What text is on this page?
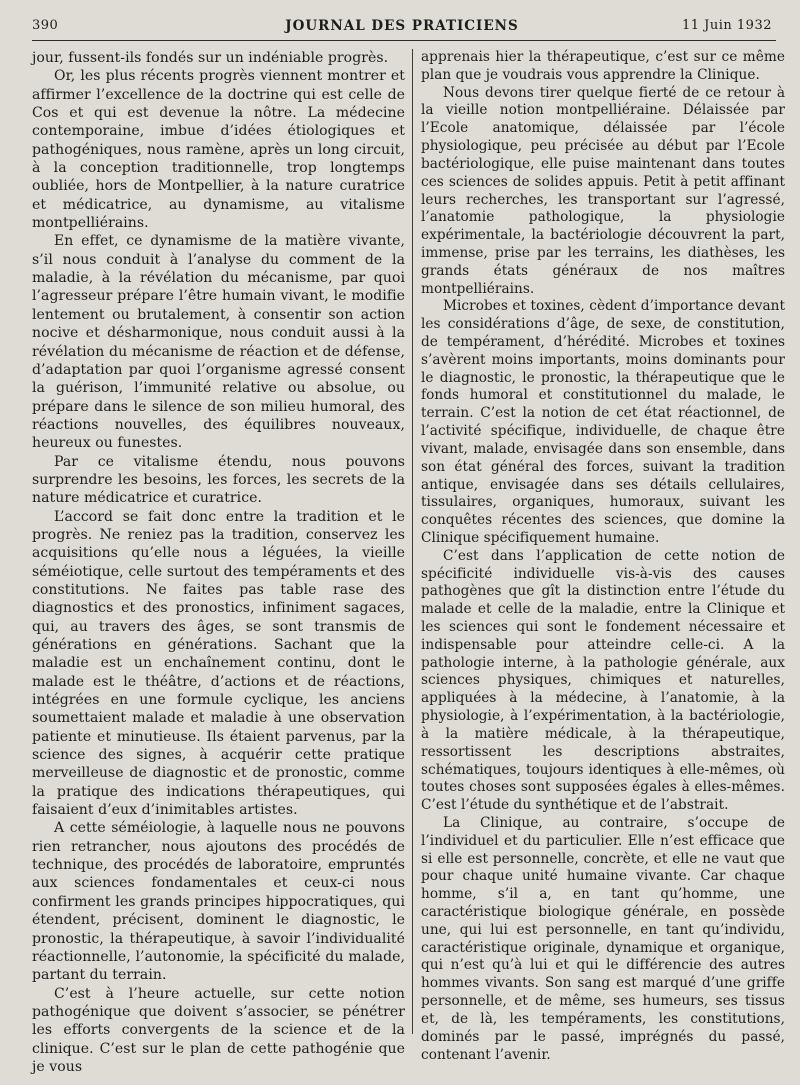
390	JOURNAL DES PRATICIENS	11 Juin 1932

jour, fussent-ils fondés sur un indéniable progrès.

Or, les plus récents progrès viennent montrer et affirmer l’excellence de la doctrine qui est celle de Cos et qui est devenue la nôtre. La médecine contemporaine, imbue d’idées étiologiques et pathogéniques, nous ramène, après un long circuit, à la conception traditionnelle, trop longtemps oubliée, hors de Montpellier, à la nature curatrice et médicatrice, au dynamisme, au vitalisme montpelliérains.

En effet, ce dynamisme de la matière vivante, s’il nous conduit à l’analyse du comment de la maladie, à la révélation du mécanisme, par quoi l’agresseur prépare l’être humain vivant, le modifie lentement ou brutalement, à consentir son action nocive et désharmonique, nous conduit aussi à la révélation du mécanisme de réaction et de défense, d’adaptation par quoi l’organisme agressé consent la guérison, l’immunité relative ou absolue, ou prépare dans le silence de son milieu humoral, des réactions nouvelles, des équilibres nouveaux, heureux ou funestes.

Par ce vitalisme étendu, nous pouvons surprendre les besoins, les forces, les secrets de la nature médicatrice et curatrice.

L’accord se fait donc entre la tradition et le progrès. Ne reniez pas la tradition, conservez les acquisitions qu’elle nous a léguées, la vieille séméiotique, celle surtout des tempéraments et des constitutions. Ne faites pas table rase des diagnostics et des pronostics, infiniment sagaces, qui, au travers des âges, se sont transmis de générations en générations. Sachant que la maladie est un enchaînement continu, dont le malade est le théâtre, d’actions et de réactions, intégrées en une formule cyclique, les anciens soumettaient malade et maladie à une observation patiente et minutieuse. Ils étaient parvenus, par la science des signes, à acquérir cette pratique merveilleuse de diagnostic et de pronostic, comme la pratique des indications thérapeutiques, qui faisaient d’eux d’inimitables artistes.

A cette séméiologie, à laquelle nous ne pouvons rien retrancher, nous ajoutons des procédés de technique, des procédés de laboratoire, empruntés aux sciences fondamentales et ceux-ci nous confirment les grands principes hippocratiques, qui étendent, précisent, dominent le diagnostic, le pronostic, la thérapeutique, à savoir l’individualité réactionnelle, l’autonomie, la spécificité du malade, partant du terrain.

C’est à l’heure actuelle, sur cette notion pathogénique que doivent s’associer, se pénétrer les efforts convergents de la science et de la clinique. C’est sur le plan de cette pathogénie que je vous

apprenais hier la thérapeutique, c’est sur ce même plan que je voudrais vous apprendre la Clinique.

Nous devons tirer quelque fierté de ce retour à la vieille notion montpelliéraine. Délaissée par l’Ecole anatomique, délaissée par l’école physiologique, peu précisée au début par l’Ecole bactériologique, elle puise maintenant dans toutes ces sciences de solides appuis. Petit à petit affinant leurs recherches, les transportant sur l’agressé, l’anatomie pathologique, la physiologie expérimentale, la bactériologie découvrent la part, immense, prise par les terrains, les diathèses, les grands états généraux de nos maîtres montpelliérains.

Microbes et toxines, cèdent d’importance devant les considérations d’âge, de sexe, de constitution, de tempérament, d’hérédité. Microbes et toxines s’avèrent moins importants, moins dominants pour le diagnostic, le pronostic, la thérapeutique que le fonds humoral et constitutionnel du malade, le terrain. C’est la notion de cet état réactionnel, de l’activité spécifique, individuelle, de chaque être vivant, malade, envisagée dans son ensemble, dans son état général des forces, suivant la tradition antique, envisagée dans ses détails cellulaires, tissulaires, organiques, humoraux, suivant les conquêtes récentes des sciences, que domine la Clinique spécifiquement humaine.

C’est dans l’application de cette notion de spécificité individuelle vis-à-vis des causes pathogènes que gît la distinction entre l’étude du malade et celle de la maladie, entre la Clinique et les sciences qui sont le fondement nécessaire et indispensable pour atteindre celle-ci. A la pathologie interne, à la pathologie générale, aux sciences physiques, chimiques et naturelles, appliquées à la médecine, à l’anatomie, à la physiologie, à l’expérimentation, à la bactériologie, à la matière médicale, à la thérapeutique, ressortissent les descriptions abstraites, schématiques, toujours identiques à elle-mêmes, où toutes choses sont supposées égales à elles-mêmes. C’est l’étude du synthétique et de l’abstrait.

La Clinique, au contraire, s’occupe de l’individuel et du particulier. Elle n’est efficace que si elle est personnelle, concrète, et elle ne vaut que pour chaque unité humaine vivante. Car chaque homme, s’il a, en tant qu’homme, une caractéristique biologique générale, en possède une, qui lui est personnelle, en tant qu’individu, caractéristique originale, dynamique et organique, qui n’est qu’à lui et qui le différencie des autres hommes vivants. Son sang est marqué d’une griffe personnelle, et de même, ses humeurs, ses tissus et, de là, les tempéraments, les constitutions, dominés par le passé, imprégnés du passé, contenant l’avenir.
